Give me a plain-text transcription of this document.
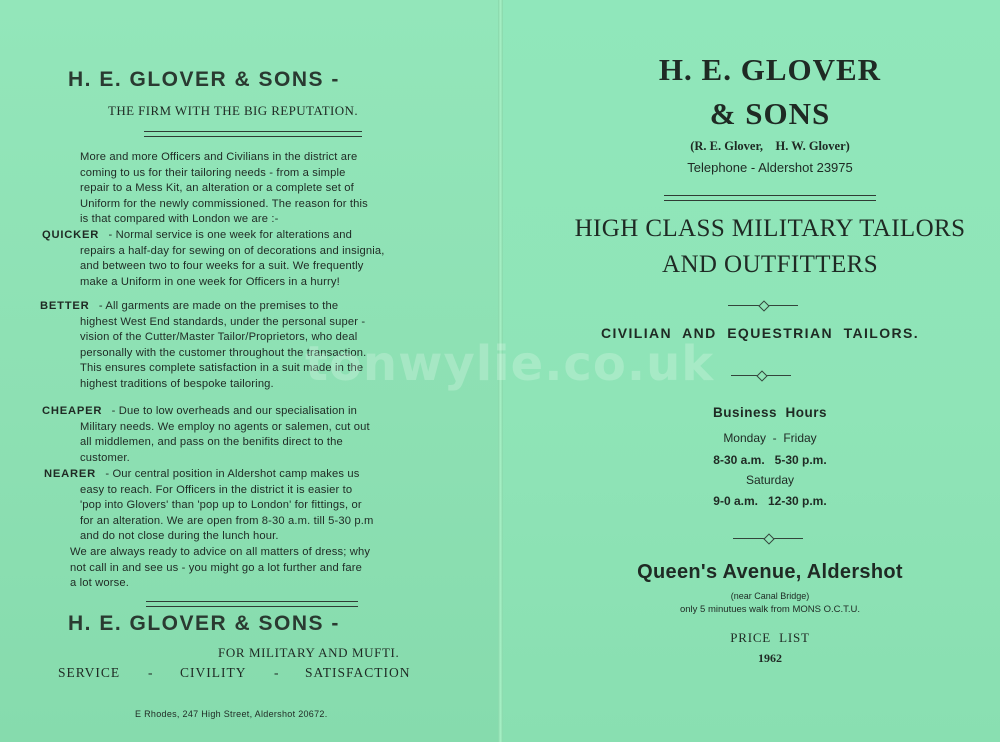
H. E. GLOVER & SONS -
THE FIRM WITH THE BIG REPUTATION.

More and more Officers and Civilians in the district are

coming to us for their tailoring needs - from a simple

repair to a Mess Kit, an alteration or a complete set of

Uniform for the newly commissioned. The reason for this

is that compared with London we are :-

QUICKER - Normal service is one week for alterations and

repairs a half-day for sewing on of decorations and insignia,

and between two to four weeks for a suit. We frequently

make a Uniform in one week for Officers in a hurry!

BETTER - All garments are made on the premises to the

highest West End standards, under the personal super -

vision of the Cutter/Master Tailor/Proprietors, who deal

personally with the customer throughout the transaction.

This ensures complete satisfaction in a suit made in the

highest traditions of bespoke tailoring.

CHEAPER - Due to low overheads and our specialisation in

Military needs. We employ no agents or salemen, cut out

all middlemen, and pass on the benifits direct to the

customer.

NEARER - Our central position in Aldershot camp makes us

easy to reach. For Officers in the district it is easier to

'pop into Glovers' than 'pop up to London' for fittings, or

for an alteration. We are open from 8-30 a.m. till 5-30 p.m

and do not close during the lunch hour.

We are always ready to advice on all matters of dress; why

not call in and see us - you might go a lot further and fare

a lot worse.

H. E. GLOVER & SONS -
FOR MILITARY AND MUFTI.
SERVICE - CIVILITY - SATISFACTION
E Rhodes, 247 High Street, Aldershot 20672.
H. E. GLOVER
& SONS
(R. E. Glover,    H. W. Glover)
Telephone - Aldershot 23975
HIGH CLASS MILITARY TAILORS
AND OUTFITTERS
CIVILIAN  AND  EQUESTRIAN  TAILORS.
Business  Hours
Monday  -  Friday
8-30 a.m.   5-30 p.m.
Saturday
9-0 a.m.   12-30 p.m.
Queen's Avenue, Aldershot
(near Canal Bridge)
only 5 minutues walk from MONS O.C.T.U.
PRICE  LIST
1962
tonwylie.co.uk
